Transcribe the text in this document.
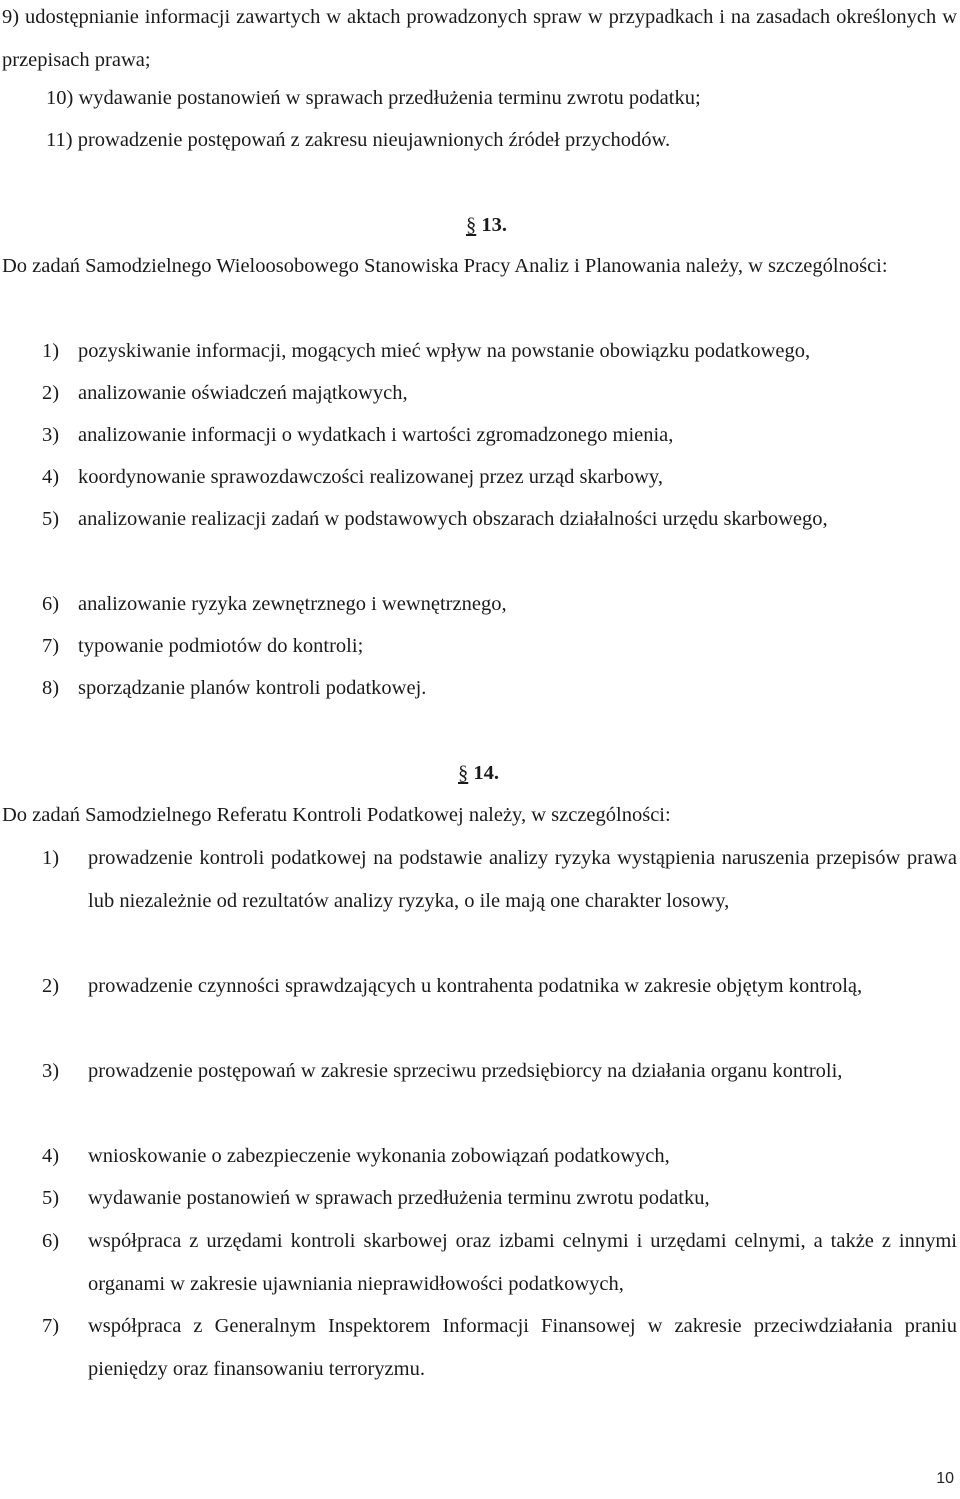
9) udostępnianie informacji zawartych w aktach prowadzonych spraw w przypadkach i na zasadach określonych w przepisach prawa;
10) wydawanie postanowień w sprawach przedłużenia terminu zwrotu podatku;
11) prowadzenie postępowań z zakresu nieujawnionych źródeł przychodów.
§ 13.
Do zadań Samodzielnego Wieloosobowego Stanowiska Pracy Analiz i Planowania należy, w szczególności:
1) pozyskiwanie informacji, mogących mieć wpływ na powstanie obowiązku podatkowego,
2) analizowanie oświadczeń majątkowych,
3) analizowanie informacji o wydatkach i wartości zgromadzonego mienia,
4) koordynowanie sprawozdawczości realizowanej przez urząd skarbowy,
5) analizowanie realizacji zadań w podstawowych obszarach działalności urzędu skarbowego,
6) analizowanie ryzyka zewnętrznego i wewnętrznego,
7) typowanie podmiotów do kontroli;
8) sporządzanie planów kontroli podatkowej.
§ 14.
Do zadań Samodzielnego Referatu Kontroli Podatkowej należy, w szczególności:
1) prowadzenie kontroli podatkowej na podstawie analizy ryzyka wystąpienia naruszenia przepisów prawa lub niezależnie od rezultatów analizy ryzyka, o ile mają one charakter losowy,
2) prowadzenie czynności sprawdzających u kontrahenta podatnika w zakresie objętym kontrolą,
3) prowadzenie postępowań w zakresie sprzeciwu przedsiębiorcy na działania organu kontroli,
4) wnioskowanie o zabezpieczenie wykonania zobowiązań podatkowych,
5) wydawanie postanowień w sprawach przedłużenia terminu zwrotu podatku,
6) współpraca z urzędami kontroli skarbowej oraz izbami celnymi i urzędami celnymi, a także z innymi organami w zakresie ujawniania nieprawidłowości podatkowych,
7) współpraca z Generalnym Inspektorem Informacji Finansowej w zakresie przeciwdziałania praniu pieniędzy oraz finansowaniu terroryzmu.
10
